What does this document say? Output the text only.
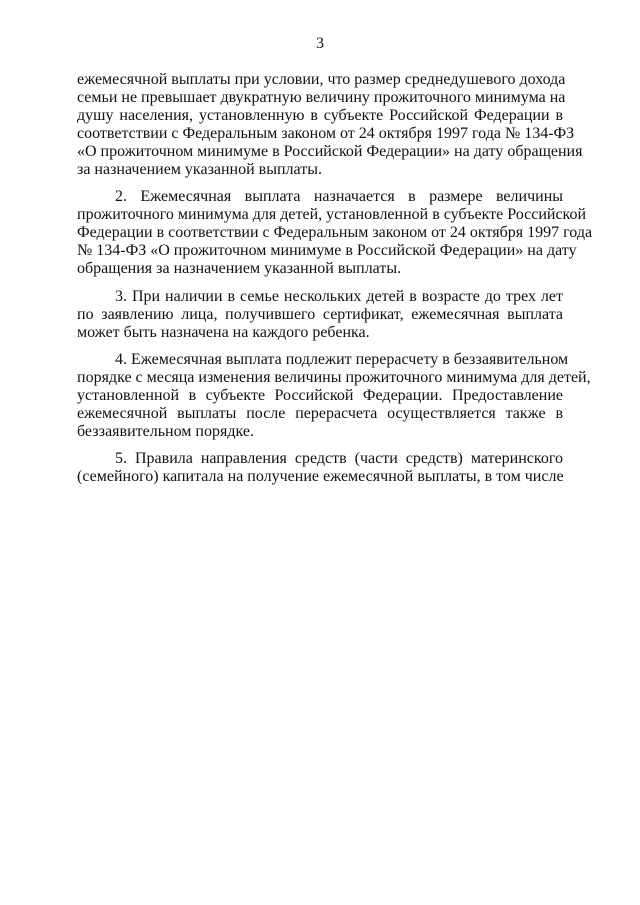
3
ежемесячной выплаты при условии, что размер среднедушевого дохода
семьи не превышает двукратную величину прожиточного минимума на
душу населения, установленную в субъекте Российской Федерации в
соответствии с Федеральным законом от 24 октября 1997 года № 134-ФЗ
«О прожиточном минимуме в Российской Федерации» на дату обращения
за назначением указанной выплаты.
2. Ежемесячная выплата назначается в размере величины
прожиточного минимума для детей, установленной в субъекте Российской
Федерации в соответствии с Федеральным законом от 24 октября 1997 года
№ 134-ФЗ «О прожиточном минимуме в Российской Федерации» на дату
обращения за назначением указанной выплаты.
3. При наличии в семье нескольких детей в возрасте до трех лет
по заявлению лица, получившего сертификат, ежемесячная выплата
может быть назначена на каждого ребенка.
4. Ежемесячная выплата подлежит перерасчету в беззаявительном
порядке с месяца изменения величины прожиточного минимума для детей,
установленной в субъекте Российской Федерации. Предоставление
ежемесячной выплаты после перерасчета осуществляется также в
беззаявительном порядке.
5. Правила направления средств (части средств) материнского
(семейного) капитала на получение ежемесячной выплаты, в том числе
